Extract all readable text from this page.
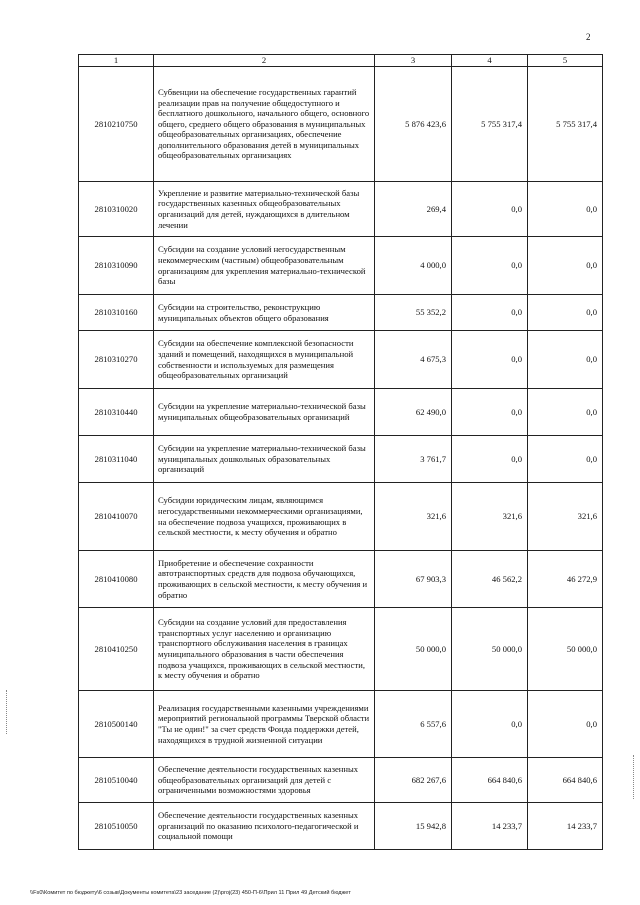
2
1	2	3	4	5
2810210750	Субвенции на обеспечение государственных гарантий реализации прав на получение общедоступного и бесплатного дошкольного, начального общего, основного общего, среднего общего образования в муниципальных общеобразовательных организациях, обеспечение дополнительного образования детей в муниципальных общеобразовательных организациях	5 876 423,6	5 755 317,4	5 755 317,4
2810310020	Укрепление и развитие материально-технической базы государственных казенных общеобразовательных организаций для детей, нуждающихся в длительном лечении	269,4	0,0	0,0
2810310090	Субсидии на создание условий негосударственным некоммерческим (частным) общеобразовательным организациям для укрепления материально-технической базы	4 000,0	0,0	0,0
2810310160	Субсидии на строительство, реконструкцию муниципальных объектов общего образования	55 352,2	0,0	0,0
2810310270	Субсидии на обеспечение комплексной безопасности зданий и помещений, находящихся в муниципальной собственности и используемых для размещения общеобразовательных организаций	4 675,3	0,0	0,0
2810310440	Субсидии на укрепление материально-технической базы муниципальных общеобразовательных организаций	62 490,0	0,0	0,0
2810311040	Субсидии на укрепление материально-технической базы муниципальных дошкольных образовательных организаций	3 761,7	0,0	0,0
2810410070	Субсидии юридическим лицам, являющимся негосударственными некоммерческими организациями, на обеспечение подвоза учащихся, проживающих в сельской местности, к месту обучения и обратно	321,6	321,6	321,6
2810410080	Приобретение и обеспечение сохранности автотранспортных средств для подвоза обучающихся, проживающих в сельской местности, к месту обучения и обратно	67 903,3	46 562,2	46 272,9
2810410250	Субсидии на создание условий для предоставления транспортных услуг населению и организацию транспортного обслуживания населения в границах муниципального образования в части обеспечения подвоза учащихся, проживающих в сельской местности, к месту обучения и обратно	50 000,0	50 000,0	50 000,0
2810500140	Реализация государственными казенными учреждениями мероприятий региональной программы Тверской области "Ты не один!" за счет средств Фонда поддержки детей, находящихся в трудной жизненной ситуации	6 557,6	0,0	0,0
2810510040	Обеспечение деятельности государственных казенных общеобразовательных организаций для детей с ограниченными возможностями здоровья	682 267,6	664 840,6	664 840,6
2810510050	Обеспечение деятельности государственных казенных организаций по оказанию психолого-педагогической и социальной помощи	15 942,8	14 233,7	14 233,7
\\Fs0\Комитет по бюджету\6 созыв\Документы комитета\23 заседание (2)\proj(23) 450-П-6\Прил 11 Прил 49 Детский бюджет
